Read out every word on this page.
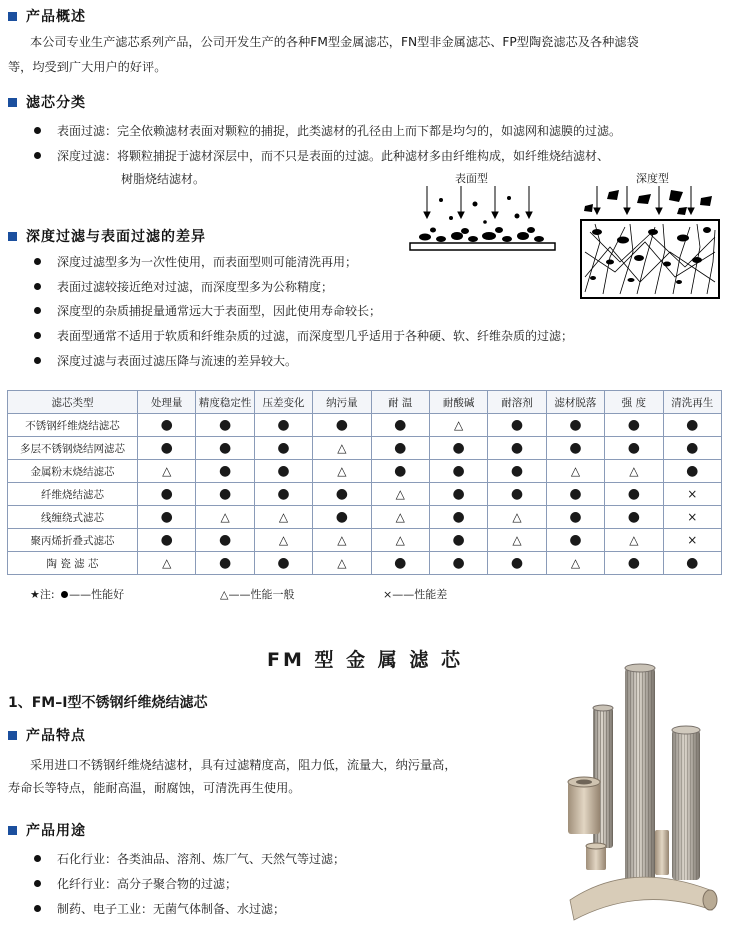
产品概述
本公司专业生产滤芯系列产品，公司开发生产的各种FM型金属滤芯，FN型非金属滤芯、FP型陶瓷滤芯及各种滤袋
等，均受到广大用户的好评。
滤芯分类
表面过滤：完全依赖滤材表面对颗粒的捕捉，此类滤材的孔径由上而下都是均匀的，如滤网和滤膜的过滤。
深度过滤：将颗粒捕捉于滤材深层中，而不只是表面的过滤。此种滤材多由纤维构成，如纤维烧结滤材、
树脂烧结滤材。	表面型	深度型
深度过滤与表面过滤的差异
深度过滤型多为一次性使用，而表面型则可能清洗再用；
表面过滤较接近绝对过滤，而深度型多为公称精度；
深度型的杂质捕捉量通常远大于表面型，因此使用寿命较长；
表面型通常不适用于软质和纤维杂质的过滤，而深度型几乎适用于各种硬、软、纤维杂质的过滤；
深度过滤与表面过滤压降与流速的差异较大。
滤芯类型	处理量	精度稳定性	压差变化	纳污量	耐 温	耐酸碱	耐溶剂	滤材脱落	强 度	清洗再生
不锈钢纤维烧结滤芯	●	●	●	●	●	△	●	●	●	●
多层不锈钢烧结网滤芯	●	●	●	△	●	●	●	●	●	●
金属粉末烧结滤芯	△	●	●	△	●	●	●	△	△	●
纤维烧结滤芯	●	●	●	●	△	●	●	●	●	×
线缠绕式滤芯	●	△	△	●	△	●	△	●	●	×
聚丙烯折叠式滤芯	●	●	△	△	△	●	△	●	△	×
陶 瓷 滤 芯	△	●	●	△	●	●	●	△	●	●
★注: ——性能好	△——性能一般	×——性能差
FM 型 金 属 滤 芯
1、FM–Ⅰ型不锈钢纤维烧结滤芯
产品特点
采用进口不锈钢纤维烧结滤材，具有过滤精度高，阻力低，流量大，纳污量高，
寿命长等特点，能耐高温，耐腐蚀，可清洗再生使用。
产品用途
石化行业：各类油品、溶剂、炼厂气、天然气等过滤；
化纤行业：高分子聚合物的过滤；
制药、电子工业：无菌气体制备、水过滤；
